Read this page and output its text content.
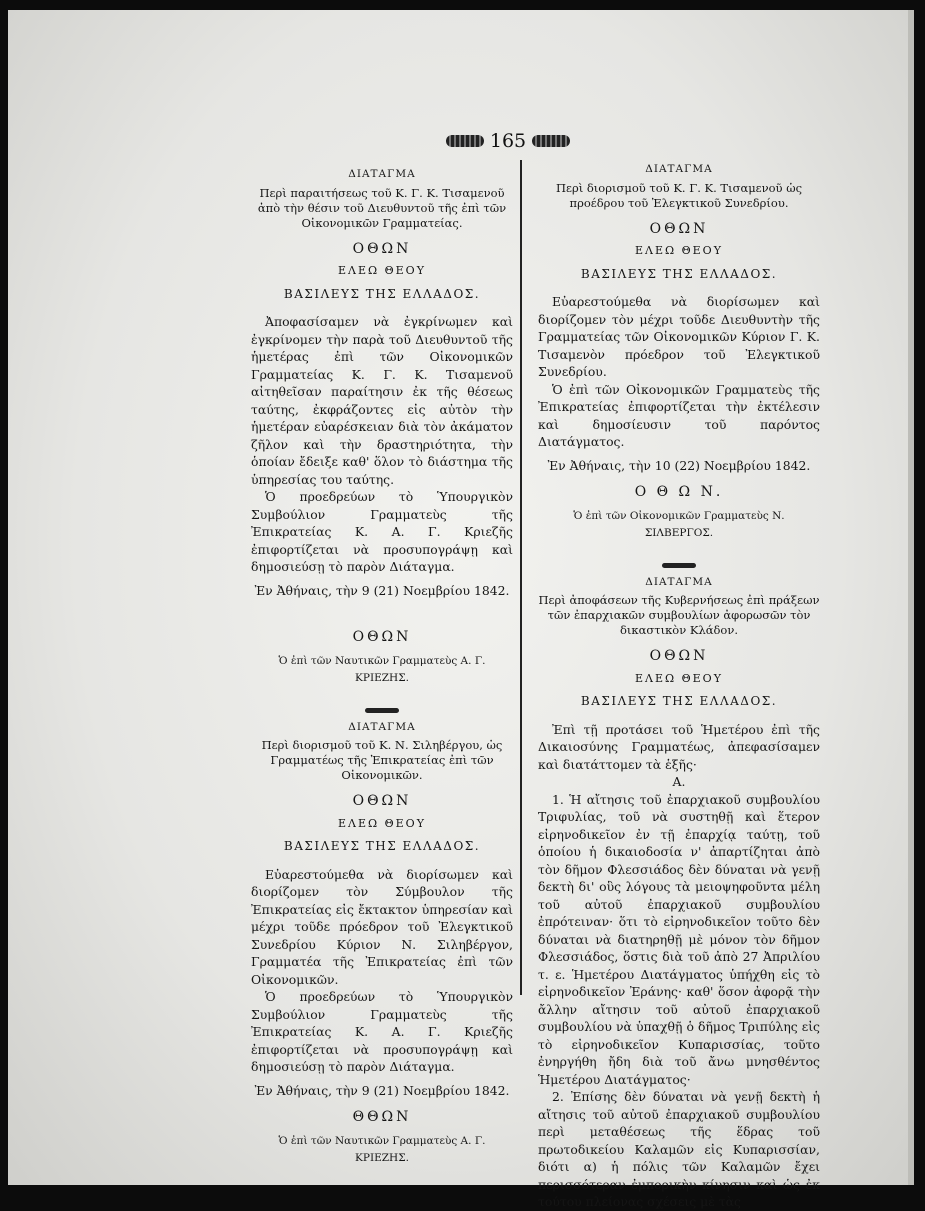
165

ΔΙΑΤΑΓΜΑ

Περὶ παραιτήσεως τοῦ Κ. Γ. Κ. Τισαμενοῦ ἀπὸ τὴν θέσιν τοῦ Διευθυντοῦ τῆς ἐπὶ τῶν Οἰκονομικῶν Γραμματείας.

ΟΘΩΝ

ΕΛΕΩ ΘΕΟΥ

ΒΑΣΙΛΕΥΣ ΤΗΣ ΕΛΛΑΔΟΣ.

Ἀποφασίσαμεν νὰ ἐγκρίνωμεν καὶ ἐγκρίνομεν τὴν παρὰ τοῦ Διευθυντοῦ τῆς ἡμετέρας ἐπὶ τῶν Οἰκονομικῶν Γραμματείας Κ. Γ. Κ. Τισαμενοῦ αἰτηθεῖσαν παραίτησιν ἐκ τῆς θέσεως ταύτης, ἐκφράζοντες εἰς αὐτὸν τὴν ἡμετέραν εὐαρέσκειαν διὰ τὸν ἀκάματον ζῆλον καὶ τὴν δραστηριότητα, τὴν ὁποίαν ἔδειξε καθ' ὅλον τὸ διάστημα τῆς ὑπηρεσίας του ταύτης.

Ὁ προεδρεύων τὸ Ὑπουργικὸν Συμβούλιον Γραμματεὺς τῆς Ἐπικρατείας Κ. Α. Γ. Κριεζῆς ἐπιφορτίζεται νὰ προσυπογράψῃ καὶ δημοσιεύσῃ τὸ παρὸν Διάταγμα.

Ἐν Ἀθήναις, τὴν 9 (21) Νοεμβρίου 1842.

ΟΘΩΝ

Ὁ ἐπὶ τῶν Ναυτικῶν Γραμματεὺς Α. Γ. ΚΡΙΕΖΗΣ.

ΔΙΑΤΑΓΜΑ

Περὶ διορισμοῦ τοῦ Κ. Ν. Σιληβέργου, ὡς Γραμματέως τῆς Ἐπικρατείας ἐπὶ τῶν Οἰκονομικῶν.

ΟΘΩΝ

ΕΛΕΩ ΘΕΟΥ

ΒΑΣΙΛΕΥΣ ΤΗΣ ΕΛΛΑΔΟΣ.

Εὐαρεστούμεθα νὰ διορίσωμεν καὶ διορίζομεν τὸν Σύμβουλον τῆς Ἐπικρατείας εἰς ἔκτακτον ὑπηρεσίαν καὶ μέχρι τοῦδε πρόεδρον τοῦ Ἐλεγκτικοῦ Συνεδρίου Κύριον Ν. Σιληβέργον, Γραμματέα τῆς Ἐπικρατείας ἐπὶ τῶν Οἰκονομικῶν.

Ὁ προεδρεύων τὸ Ὑπουργικὸν Συμβούλιον Γραμματεὺς τῆς Ἐπικρατείας Κ. Α. Γ. Κριεζῆς ἐπιφορτίζεται νὰ προσυπογράψῃ καὶ δημοσιεύσῃ τὸ παρὸν Διάταγμα.

Ἐν Ἀθήναις, τὴν 9 (21) Νοεμβρίου 1842.

ΘΘΩΝ

Ὁ ἐπὶ τῶν Ναυτικῶν Γραμματεὺς Α. Γ. ΚΡΙΕΖΗΣ.

ΔΙΑΤΑΓΜΑ

Περὶ διορισμοῦ τοῦ Κ. Γ. Κ. Τισαμενοῦ ὡς προέδρου τοῦ Ἐλεγκτικοῦ Συνεδρίου.

ΟΘΩΝ

ΕΛΕΩ ΘΕΟΥ

ΒΑΣΙΛΕΥΣ ΤΗΣ ΕΛΛΑΔΟΣ.

Εὐαρεστούμεθα νὰ διορίσωμεν καὶ διορίζομεν τὸν μέχρι τοῦδε Διευθυντὴν τῆς Γραμματείας τῶν Οἰκονομικῶν Κύριον Γ. Κ. Τισαμενὸν πρόεδρον τοῦ Ἐλεγκτικοῦ Συνεδρίου.

Ὁ ἐπὶ τῶν Οἰκονομικῶν Γραμματεὺς τῆς Ἐπικρατείας ἐπιφορτίζεται τὴν ἐκτέλεσιν καὶ δημοσίευσιν τοῦ παρόντος Διατάγματος.

Ἐν Ἀθήναις, τὴν 10 (22) Νοεμβρίου 1842.

Ο Θ Ω Ν.

Ὁ ἐπὶ τῶν Οἰκονομικῶν Γραμματεὺς Ν. ΣΙΛΒΕΡΓΟΣ.

ΔΙΑΤΑΓΜΑ

Περὶ ἀποφάσεων τῆς Κυβερνήσεως ἐπὶ πράξεων τῶν ἐπαρχιακῶν συμβουλίων ἀφορωσῶν τὸν δικαστικὸν Κλάδον.

ΟΘΩΝ

ΕΛΕΩ ΘΕΟΥ

ΒΑΣΙΛΕΥΣ ΤΗΣ ΕΛΛΑΔΟΣ.

Ἐπὶ τῇ προτάσει τοῦ Ἡμετέρου ἐπὶ τῆς Δικαιοσύνης Γραμματέως, ἀπεφασίσαμεν καὶ διατάττομεν τὰ ἑξῆς·

Α.

1. Ἡ αἴτησις τοῦ ἐπαρχιακοῦ συμβουλίου Τριφυλίας, τοῦ νὰ συστηθῇ καὶ ἕτερον εἰρηνοδικεῖον ἐν τῇ ἐπαρχίᾳ ταύτῃ, τοῦ ὁποίου ἡ δικαιοδοσία ν' ἀπαρτίζηται ἀπὸ τὸν δῆμον Φλεσσιάδος δὲν δύναται νὰ γενῇ δεκτὴ δι' οὓς λόγους τὰ μειοψηφοῦντα μέλη τοῦ αὐτοῦ ἐπαρχιακοῦ συμβουλίου ἐπρότειναν· ὅτι τὸ εἰρηνοδικεῖον τοῦτο δὲν δύναται νὰ διατηρηθῇ μὲ μόνον τὸν δῆμον Φλεσσιάδος, ὅστις διὰ τοῦ ἀπὸ 27 Ἀπριλίου τ. ε. Ἡμετέρου Διατάγματος ὑπήχθη εἰς τὸ εἰρηνοδικεῖον Ἐράνης· καθ' ὅσον ἀφορᾷ τὴν ἄλλην αἴτησιν τοῦ αὐτοῦ ἐπαρχιακοῦ συμβουλίου νὰ ὑπαχθῇ ὁ δῆμος Τριπύλης εἰς τὸ εἰρηνοδικεῖον Κυπαρισσίας, τοῦτο ἐνηργήθη ἤδη διὰ τοῦ ἄνω μνησθέντος Ἡμετέρου Διατάγματος·

2. Ἐπίσης δὲν δύναται νὰ γενῇ δεκτὴ ἡ αἴτησις τοῦ αὐτοῦ ἐπαρχιακοῦ συμβουλίου περὶ μεταθέσεως τῆς ἕδρας τοῦ πρωτοδικείου Καλαμῶν εἰς Κυπαρισσίαν, διότι α) ἡ πόλις τῶν Καλαμῶν ἔχει περισσότεραν ἐμπορικὴν κίνησιν καὶ ὡς ἐκ τούτου πλείονας σχέσεις μὲ τὰς
